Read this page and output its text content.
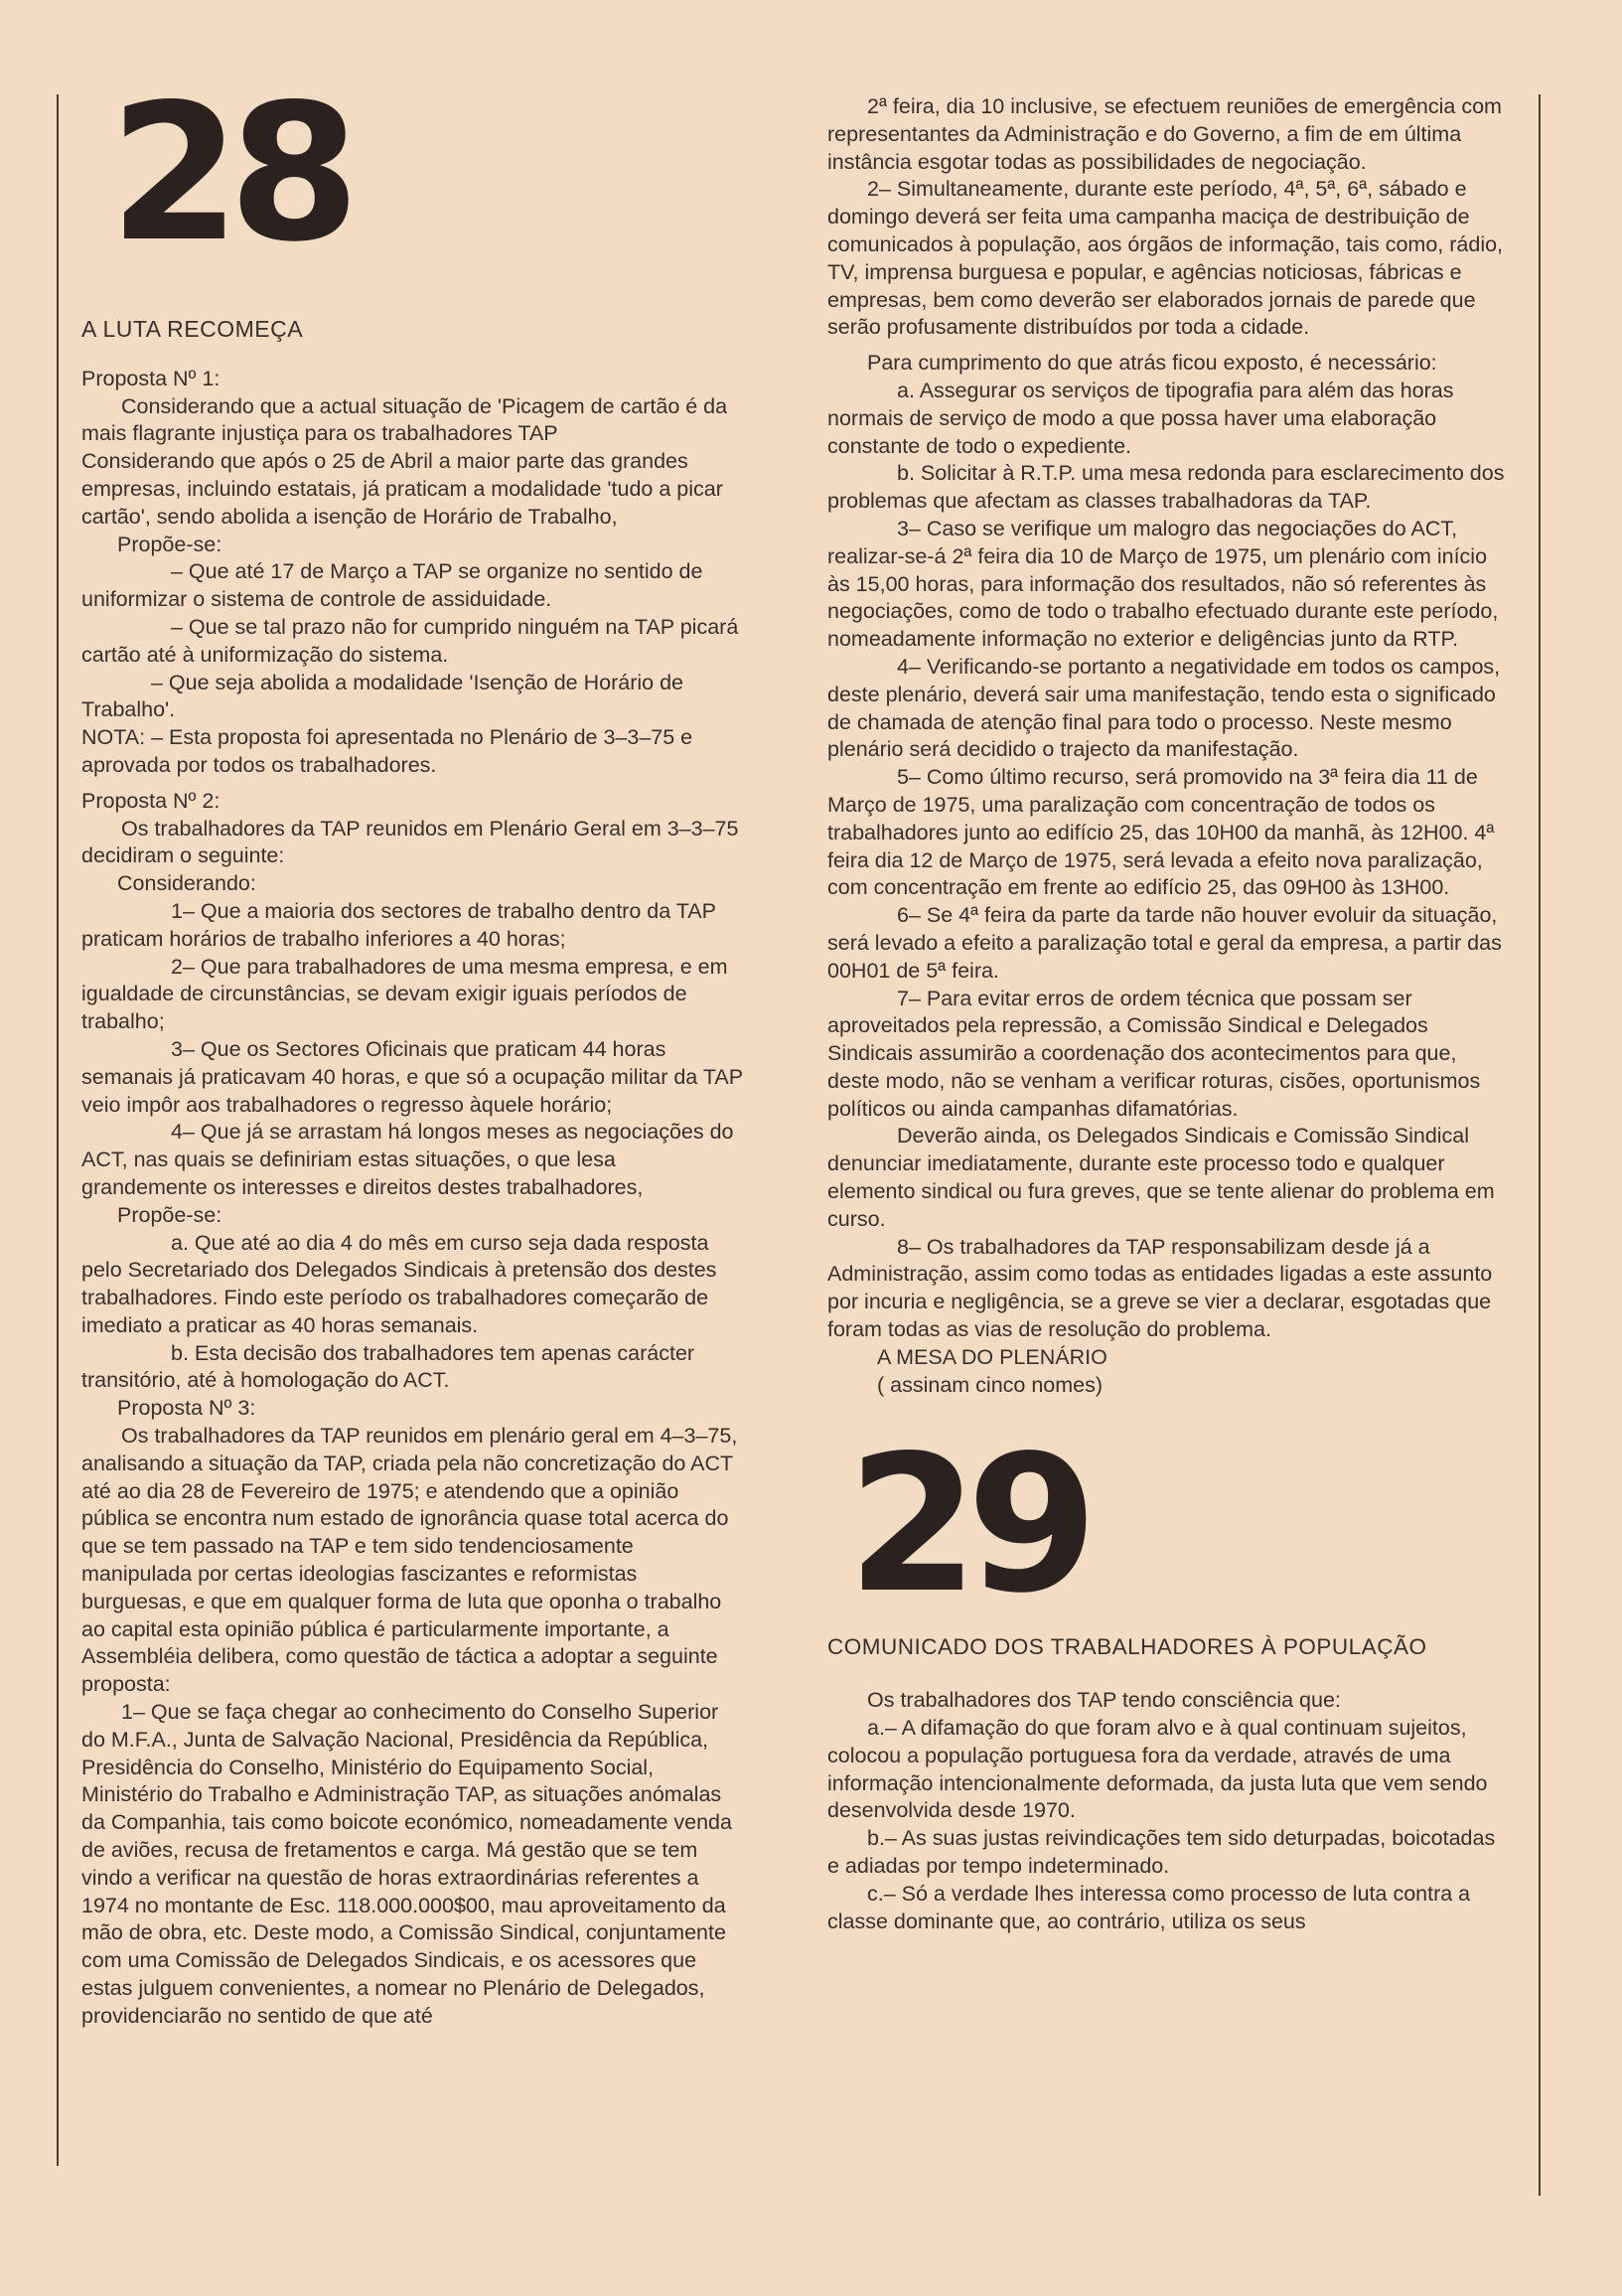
28
A LUTA RECOMEÇA

Proposta Nº 1:

Considerando que a actual situação de 'Picagem de cartão é da mais flagrante injustiça para os trabalhadores TAP

Considerando que após o 25 de Abril a maior parte das grandes empresas, incluindo estatais, já praticam a modalidade 'tudo a picar cartão', sendo abolida a isenção de Horário de Trabalho,

Propõe-se:

– Que até 17 de Março a TAP se organize no sentido de uniformizar o sistema de controle de assiduidade.

– Que se tal prazo não for cumprido ninguém na TAP picará cartão até à uniformização do sistema.

– Que seja abolida a modalidade 'Isenção de Horário de Trabalho'.

NOTA: – Esta proposta foi apresentada no Plenário de 3–3–75 e aprovada por todos os trabalhadores.

Proposta Nº 2:

Os trabalhadores da TAP reunidos em Plenário Geral em 3–3–75 decidiram o seguinte:

Considerando:

1– Que a maioria dos sectores de trabalho dentro da TAP praticam horários de trabalho inferiores a 40 horas;

2– Que para trabalhadores de uma mesma empresa, e em igualdade de circunstâncias, se devam exigir iguais períodos de trabalho;

3– Que os Sectores Oficinais que praticam 44 horas semanais já praticavam 40 horas, e que só a ocupação militar da TAP veio impôr aos trabalhadores o regresso àquele horário;

4– Que já se arrastam há longos meses as negociações do ACT, nas quais se definiriam estas situações, o que lesa grandemente os interesses e direitos destes trabalhadores,

Propõe-se:

a. Que até ao dia 4 do mês em curso seja dada resposta pelo Secretariado dos Delegados Sindicais à pretensão dos destes trabalhadores. Findo este período os trabalhadores começarão de imediato a praticar as 40 horas semanais.

b. Esta decisão dos trabalhadores tem apenas carácter transitório, até à homologação do ACT.

Proposta Nº 3:

Os trabalhadores da TAP reunidos em plenário geral em 4–3–75, analisando a situação da TAP, criada pela não concretização do ACT até ao dia 28 de Fevereiro de 1975; e atendendo que a opinião pública se encontra num estado de ignorância quase total acerca do que se tem passado na TAP e tem sido tendenciosamente manipulada por certas ideologias fascizantes e reformistas burguesas, e que em qualquer forma de luta que oponha o trabalho ao capital esta opinião pública é particularmente importante, a Assembléia delibera, como questão de táctica a adoptar a seguinte proposta:

1– Que se faça chegar ao conhecimento do Conselho Superior do M.F.A., Junta de Salvação Nacional, Presidência da República, Presidência do Conselho, Ministério do Equipamento Social, Ministério do Trabalho e Administração TAP, as situações anómalas da Companhia, tais como boicote económico, nomeadamente venda de aviões, recusa de fretamentos e carga. Má gestão que se tem vindo a verificar na questão de horas extraordinárias referentes a 1974 no montante de Esc. 118.000.000$00, mau aproveitamento da mão de obra, etc. Deste modo, a Comissão Sindical, conjuntamente com uma Comissão de Delegados Sindicais, e os acessores que estas julguem convenientes, a nomear no Plenário de Delegados, providenciarão no sentido de que até

2ª feira, dia 10 inclusive, se efectuem reuniões de emergência com representantes da Administração e do Governo, a fim de em última instância esgotar todas as possibilidades de negociação.

2– Simultaneamente, durante este período, 4ª, 5ª, 6ª, sábado e domingo deverá ser feita uma campanha maciça de destribuição de comunicados à população, aos órgãos de informação, tais como, rádio, TV, imprensa burguesa e popular, e agências noticiosas, fábricas e empresas, bem como deverão ser elaborados jornais de parede que serão profusamente distribuídos por toda a cidade.

Para cumprimento do que atrás ficou exposto, é necessário:

a. Assegurar os serviços de tipografia para além das horas normais de serviço de modo a que possa haver uma elaboração constante de todo o expediente.

b. Solicitar à R.T.P. uma mesa redonda para esclarecimento dos problemas que afectam as classes trabalhadoras da TAP.

3– Caso se verifique um malogro das negociações do ACT, realizar-se-á 2ª feira dia 10 de Março de 1975, um plenário com início às 15,00 horas, para informação dos resultados, não só referentes às negociações, como de todo o trabalho efectuado durante este período, nomeadamente informação no exterior e deligências junto da RTP.

4– Verificando-se portanto a negatividade em todos os campos, deste plenário, deverá sair uma manifestação, tendo esta o significado de chamada de atenção final para todo o processo. Neste mesmo plenário será decidido o trajecto da manifestação.

5– Como último recurso, será promovido na 3ª feira dia 11 de Março de 1975, uma paralização com concentração de todos os trabalhadores junto ao edifício 25, das 10H00 da manhã, às 12H00. 4ª feira dia 12 de Março de 1975, será levada a efeito nova paralização, com concentração em frente ao edifício 25, das 09H00 às 13H00.

6– Se 4ª feira da parte da tarde não houver evoluir da situação, será levado a efeito a paralização total e geral da empresa, a partir das 00H01 de 5ª feira.

7– Para evitar erros de ordem técnica que possam ser aproveitados pela repressão, a Comissão Sindical e Delegados Sindicais assumirão a coordenação dos acontecimentos para que, deste modo, não se venham a verificar roturas, cisões, oportunismos políticos ou ainda campanhas difamatórias.

Deverão ainda, os Delegados Sindicais e Comissão Sindical denunciar imediatamente, durante este processo todo e qualquer elemento sindical ou fura greves, que se tente alienar do problema em curso.

8– Os trabalhadores da TAP responsabilizam desde já a Administração, assim como todas as entidades ligadas a este assunto por incuria e negligência, se a greve se vier a declarar, esgotadas que foram todas as vias de resolução do problema.

A MESA DO PLENÁRIO

( assinam cinco nomes)

29
COMUNICADO DOS TRABALHADORES À POPULAÇÃO

Os trabalhadores dos TAP tendo consciência que:

a.– A difamação do que foram alvo e à qual continuam sujeitos, colocou a população portuguesa fora da verdade, através de uma informação intencionalmente deformada, da justa luta que vem sendo desenvolvida desde 1970.

b.– As suas justas reivindicações tem sido deturpadas, boicotadas e adiadas por tempo indeterminado.

c.– Só a verdade lhes interessa como processo de luta contra a classe dominante que, ao contrário, utiliza os seus
